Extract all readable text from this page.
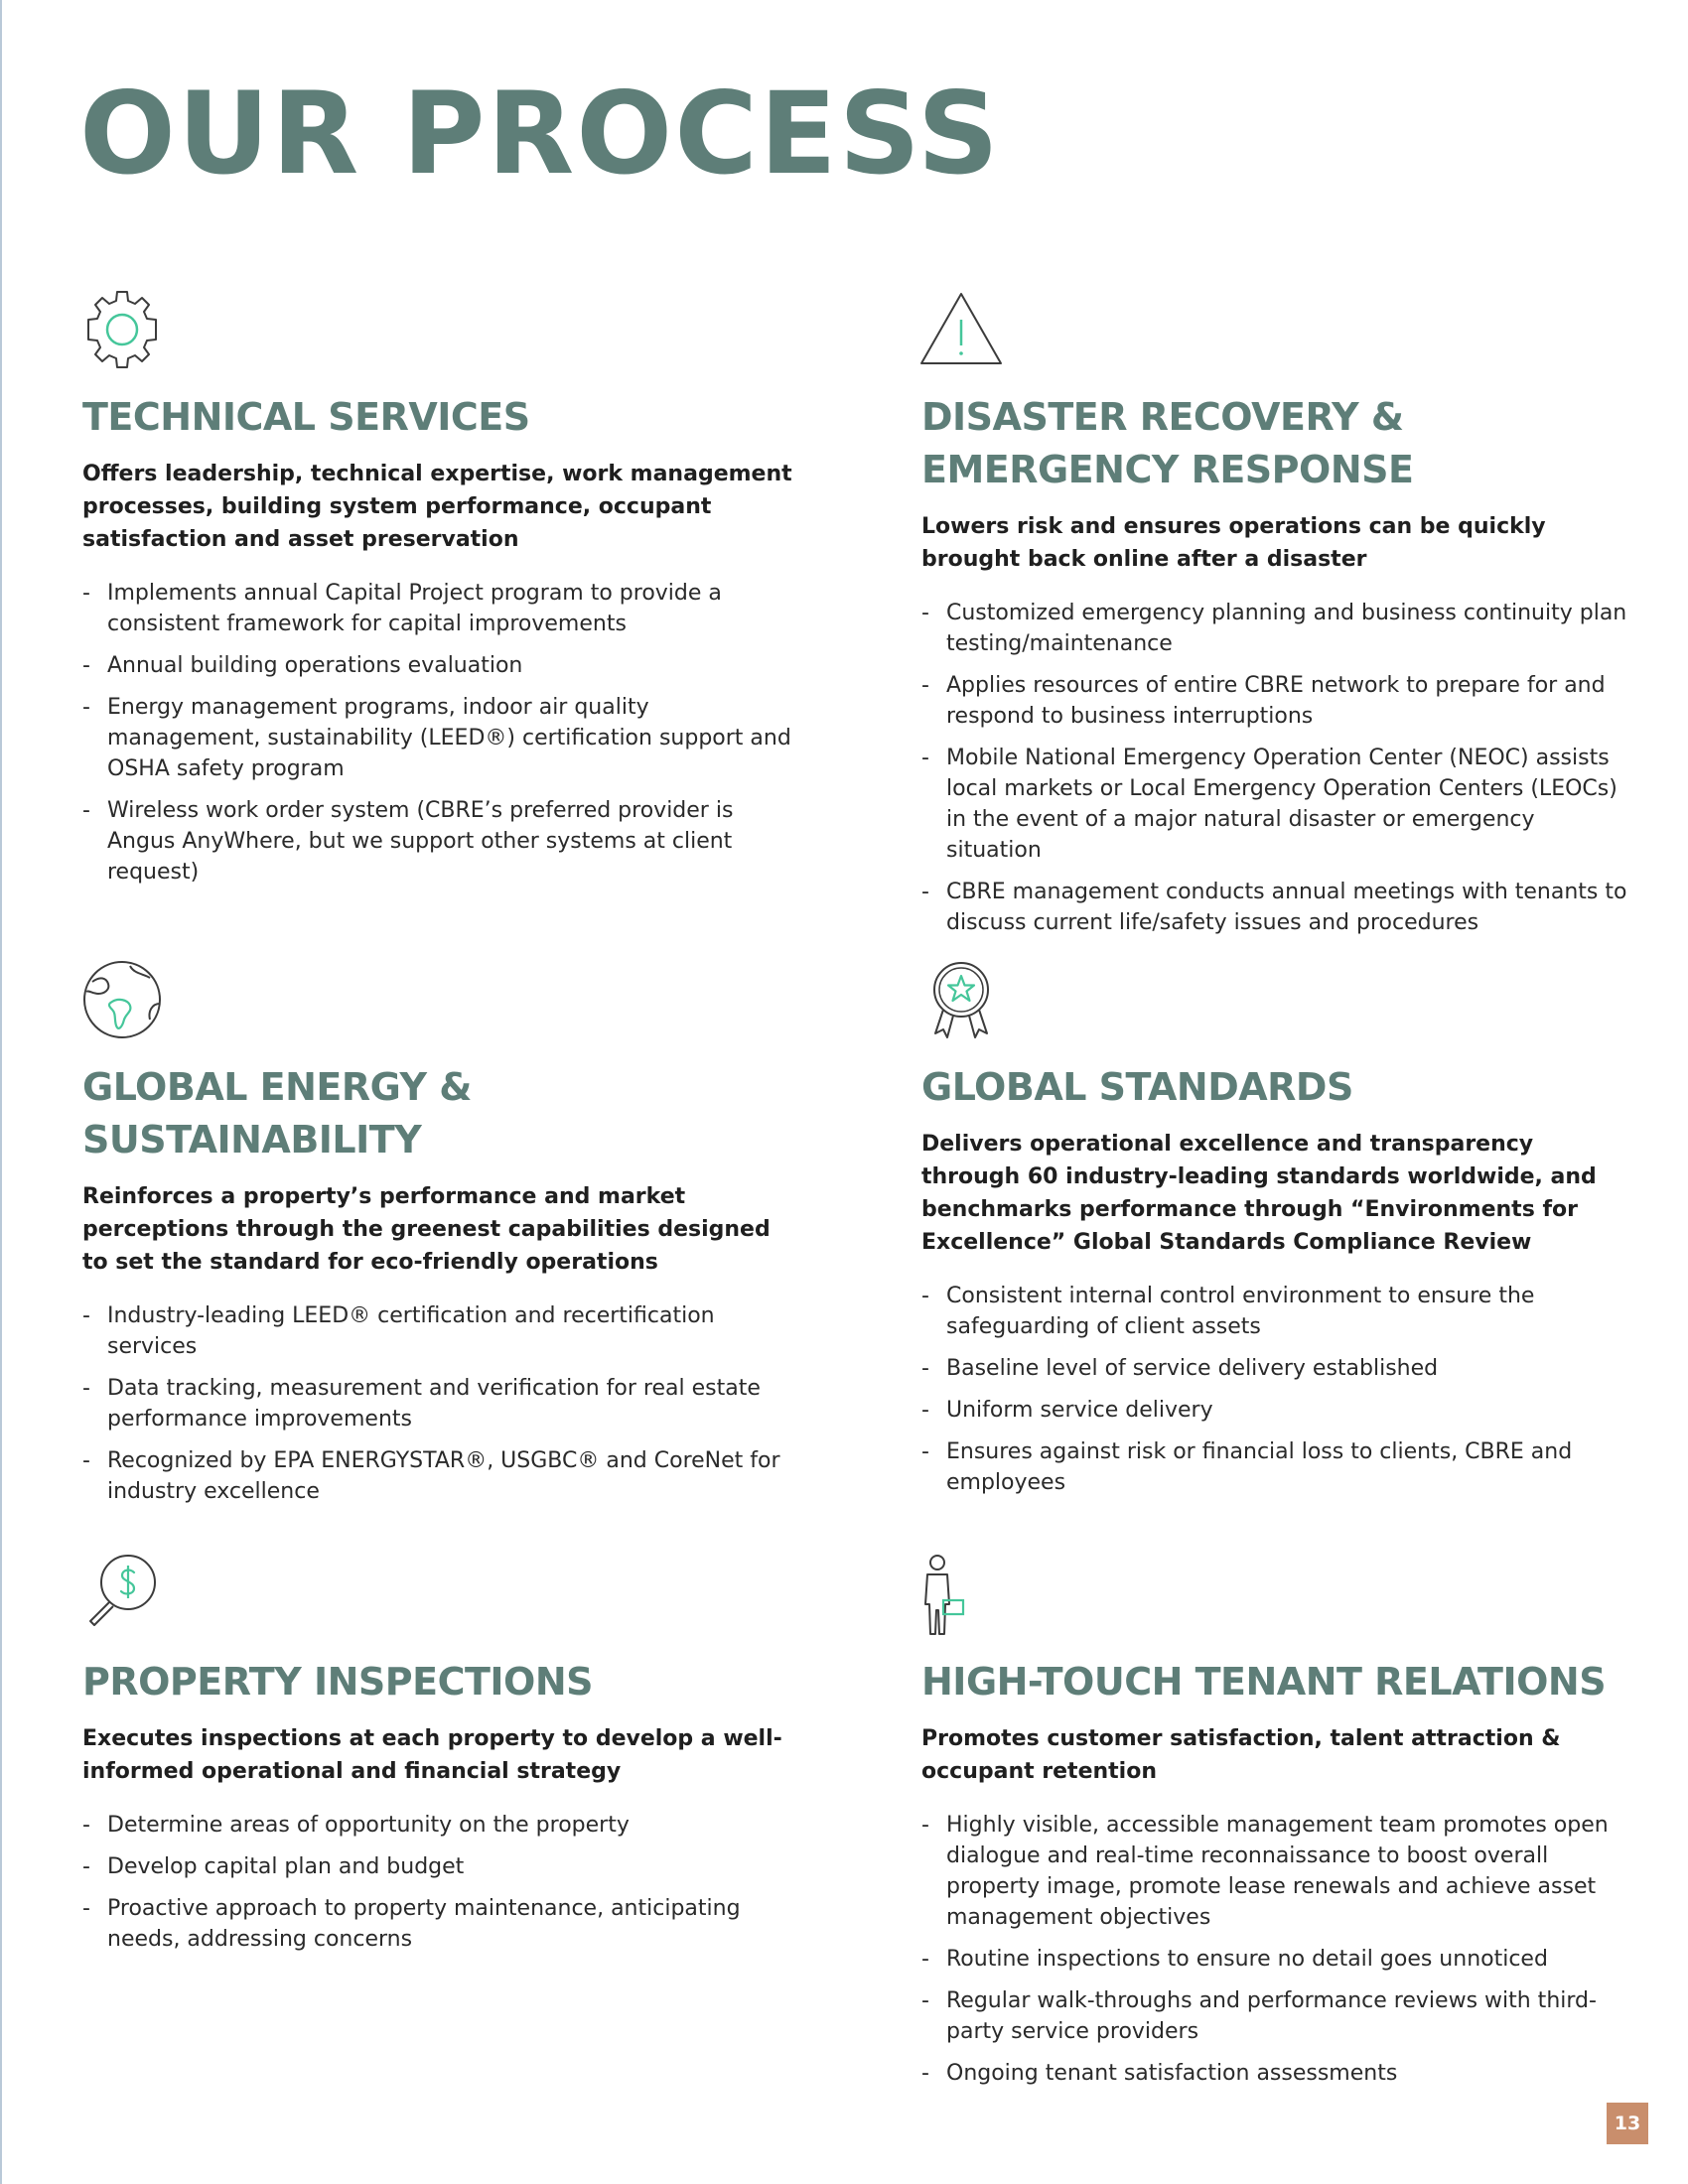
OUR PROCESS
TECHNICAL SERVICES

Offers leadership, technical expertise, work management processes, building system performance, occupant satisfaction and asset preservation

- Implements annual Capital Project program to provide a consistent framework for capital improvements
- Annual building operations evaluation
- Energy management programs, indoor air quality management, sustainability (LEED®) certification support and OSHA safety program
- Wireless work order system (CBRE’s preferred provider is Angus AnyWhere, but we support other systems at client request)
DISASTER RECOVERY &
EMERGENCY RESPONSE

Lowers risk and ensures operations can be quickly brought back online after a disaster

- Customized emergency planning and business continuity plan testing/maintenance
- Applies resources of entire CBRE network to prepare for and respond to business interruptions
- Mobile National Emergency Operation Center (NEOC) assists local markets or Local Emergency Operation Centers (LEOCs) in the event of a major natural disaster or emergency situation
- CBRE management conducts annual meetings with tenants to discuss current life/safety issues and procedures
GLOBAL ENERGY &
SUSTAINABILITY

Reinforces a property’s performance and market perceptions through the greenest capabilities designed to set the standard for eco-friendly operations

- Industry-leading LEED® certification and recertification services
- Data tracking, measurement and verification for real estate performance improvements
- Recognized by EPA ENERGYSTAR®, USGBC® and CoreNet for industry excellence
GLOBAL STANDARDS

Delivers operational excellence and transparency through 60 industry-leading standards worldwide, and benchmarks performance through “Environments for Excellence” Global Standards Compliance Review

- Consistent internal control environment to ensure the safeguarding of client assets
- Baseline level of service delivery established
- Uniform service delivery
- Ensures against risk or financial loss to clients, CBRE and employees
PROPERTY INSPECTIONS

Executes inspections at each property to develop a well-informed operational and financial strategy

- Determine areas of opportunity on the property
- Develop capital plan and budget
- Proactive approach to property maintenance, anticipating needs, addressing concerns
HIGH-TOUCH TENANT RELATIONS

Promotes customer satisfaction, talent attraction & occupant retention

- Highly visible, accessible management team promotes open dialogue and real-time reconnaissance to boost overall property image, promote lease renewals and achieve asset management objectives
- Routine inspections to ensure no detail goes unnoticed
- Regular walk-throughs and performance reviews with third-party service providers
- Ongoing tenant satisfaction assessments
13
